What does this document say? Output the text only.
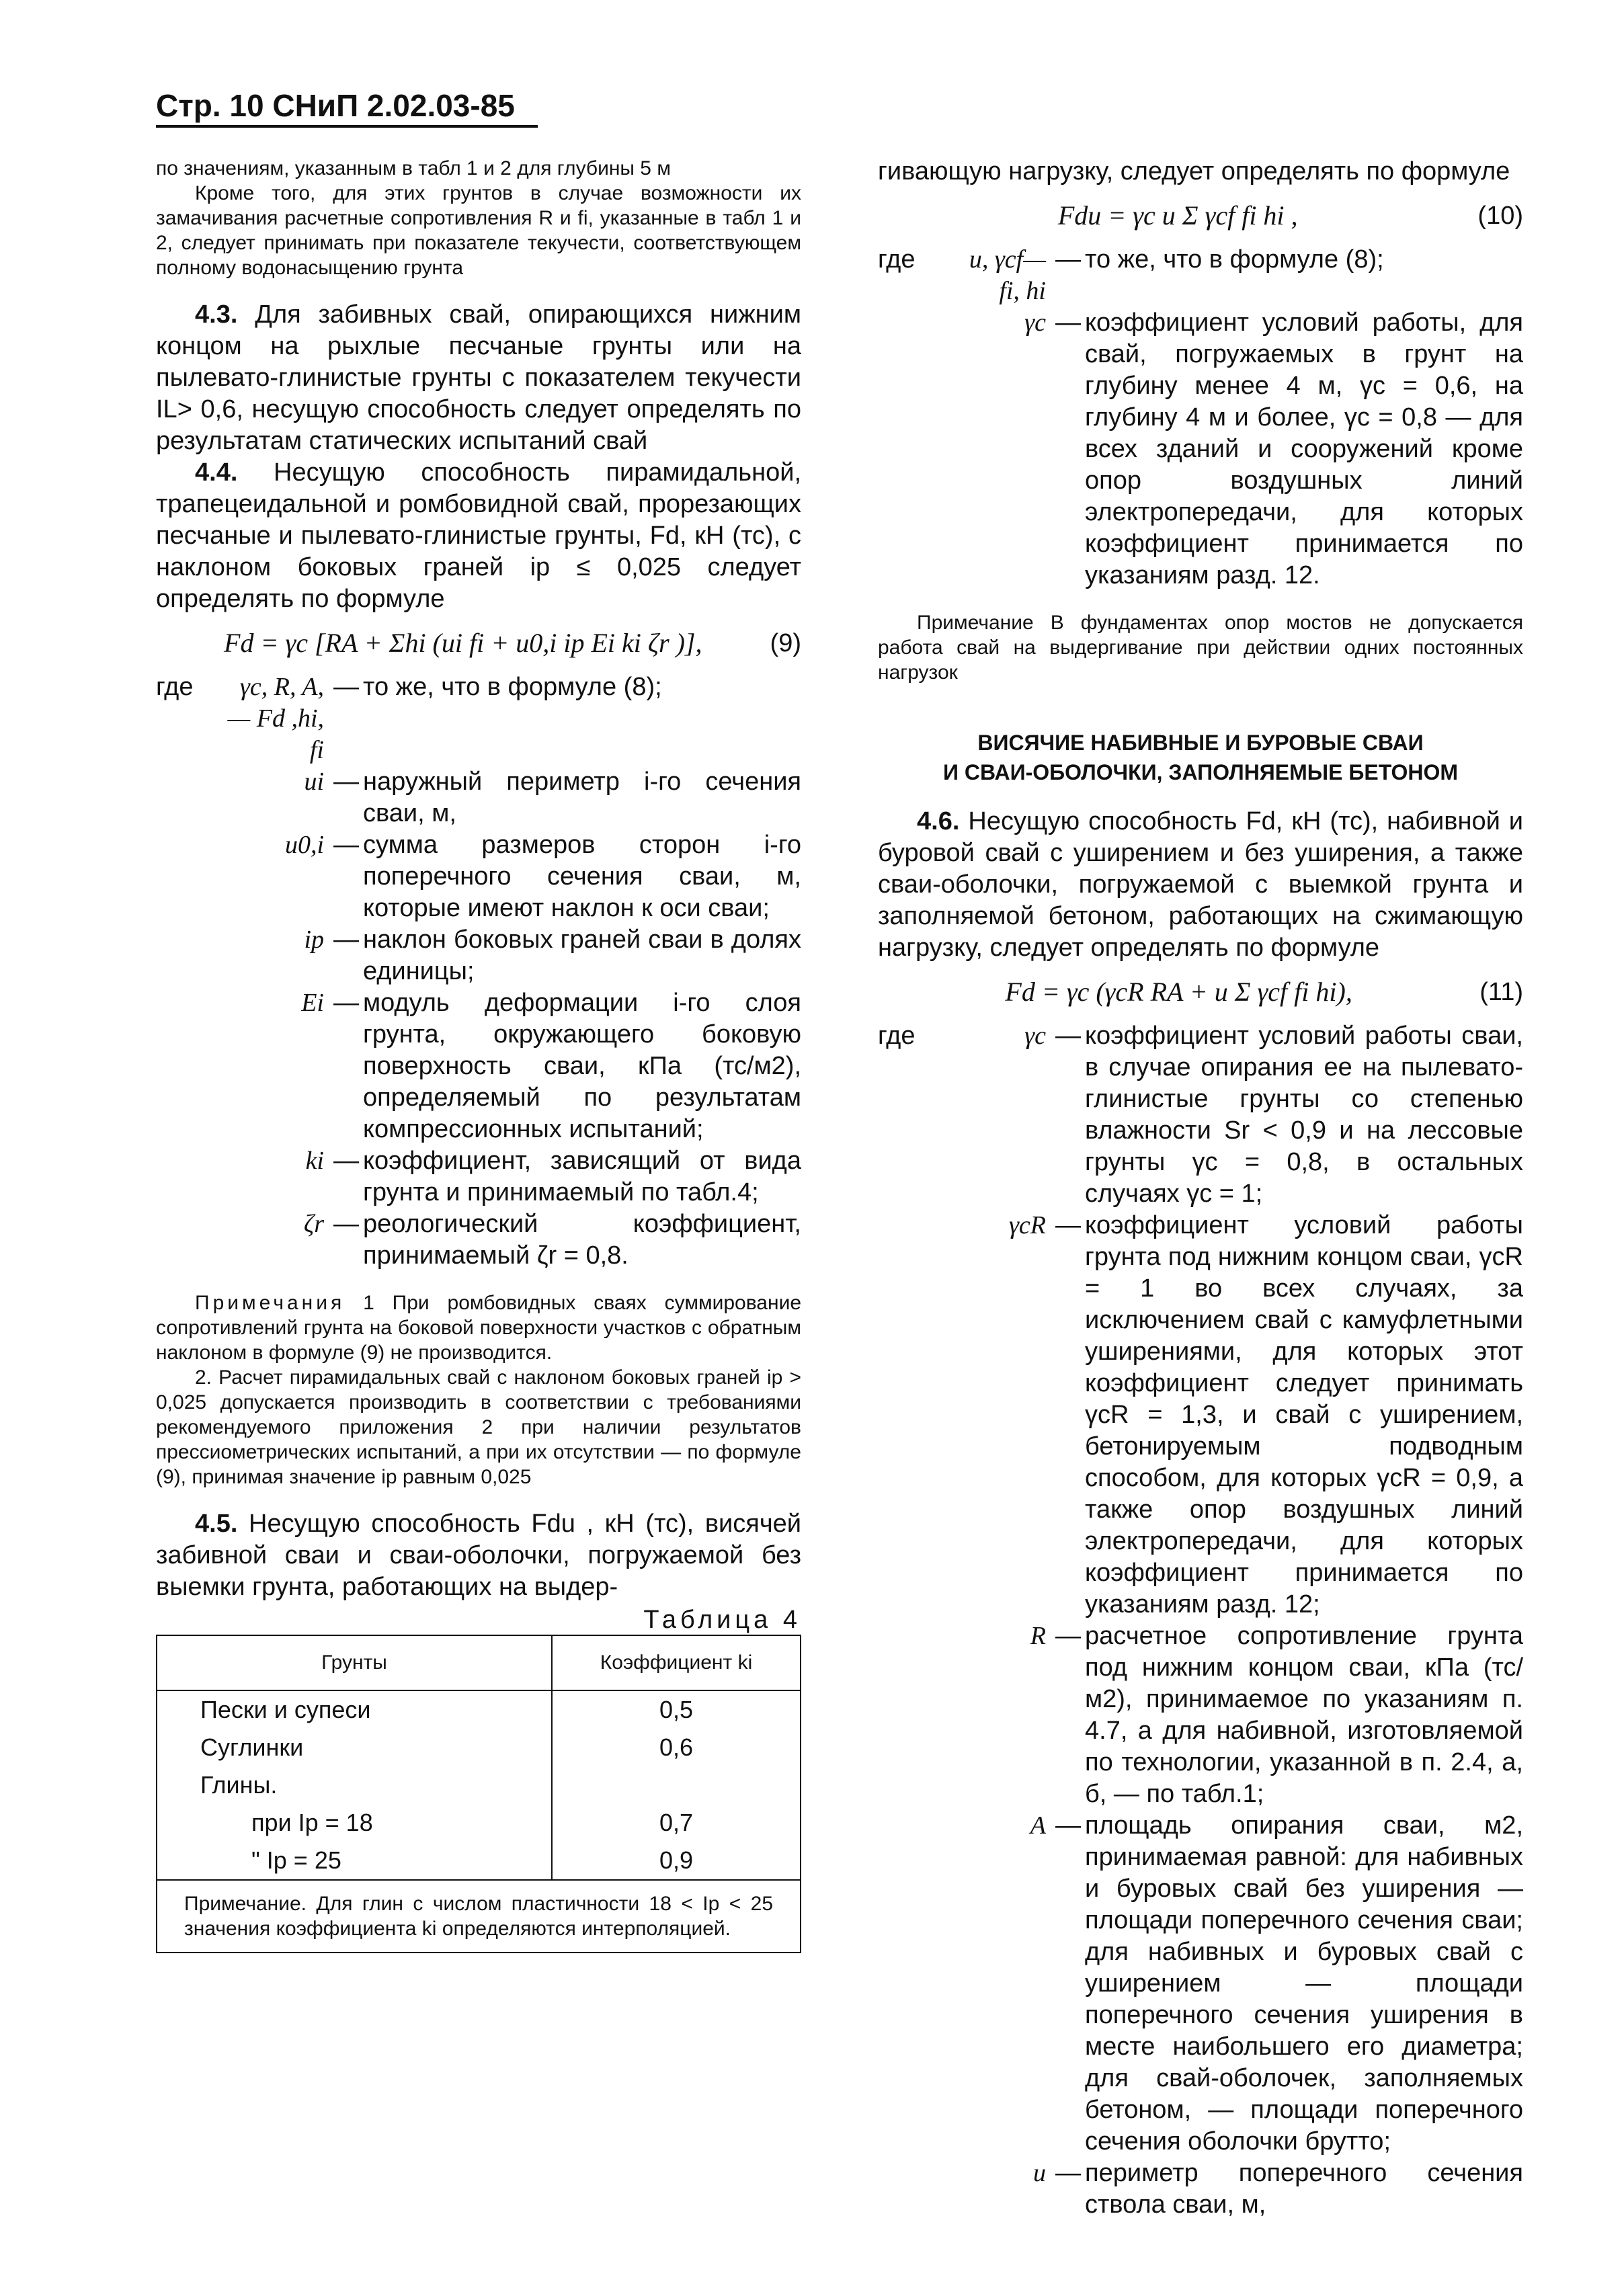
Стр. 10 СНиП 2.02.03-85
по значениям, указанным в табл 1 и 2 для глубины 5 м
Кроме того, для этих грунтов в случае возможности их замачивания расчетные сопротивления R и fi, указанные в табл 1 и 2, следует принимать при показателе текучести, соответствующем полному водонасыщению грунта
4.3. Для забивных свай, опирающихся нижним концом на рыхлые песчаные грунты или на пылевато-глинистые грунты с показателем текучести IL> 0,6, несущую способность следует определять по результатам статических испытаний свай
4.4. Несущую способность пирамидальной, трапецеидальной и ромбовидной свай, прорезающих песчаные и пылевато-глинистые грунты, Fd, кН (тс), с наклоном боковых граней ip ≤ 0,025 следует определять по формуле
Fd = γc [RA + Σhi (ui fi + u0,i ip Ei ki ζr )],	(9)
где	γc, R, A, — Fd ,hi, fi
— то же, что в формуле (8);
ui — наружный периметр i-го сечения сваи, м,
u0,i — сумма размеров сторон i-го поперечного сечения сваи, м, которые имеют наклон к оси сваи;
ip — наклон боковых граней сваи в долях единицы;
Ei — модуль деформации i-го слоя грунта, окружающего боковую поверхность сваи, кПа (тс/м2), определяемый по результатам компрессионных испытаний;
ki — коэффициент, зависящий от вида грунта и принимаемый по табл.4;
ζr — реологический коэффициент, принимаемый ζr = 0,8.
Примечания 1 При ромбовидных сваях суммирование сопротивлений грунта на боковой поверхности участков с обратным наклоном в формуле (9) не производится.
2. Расчет пирамидальных свай с наклоном боковых граней ip > 0,025 допускается производить в соответствии с требованиями рекомендуемого приложения 2 при наличии результатов прессиометрических испытаний, а при их отсутствии — по формуле (9), принимая значение ip равным 0,025
4.5. Несущую способность Fdu , кН (тс), висячей забивной сваи и сваи-оболочки, погружаемой без выемки грунта, работающих на выдер-
Таблица 4
Грунты	Коэффициент ki
Пески и супеси	0,5
Суглинки	0,6
Глины.	
при Ip = 18	0,7
" Ip = 25	0,9
Примечание. Для глин с числом пластичности 18 < Ip < 25 значения коэффициента ki определяются интерполяцией.	
гивающую нагрузку, следует определять по формуле
Fdu = γc u Σ γcf fi hi ,	(10)
где	u, γcf— fi, hi
— то же, что в формуле (8);
γc — коэффициент условий работы, для свай, погружаемых в грунт на глубину менее 4 м, γc = 0,6, на глубину 4 м и более, γc = 0,8 — для всех зданий и сооружений кроме опор воздушных линий электропередачи, для которых коэффициент принимается по указаниям разд. 12.
Примечание В фундаментах опор мостов не допускается работа свай на выдергивание при действии одних постоянных нагрузок
ВИСЯЧИЕ НАБИВНЫЕ И БУРОВЫЕ СВАИ
И СВАИ-ОБОЛОЧКИ, ЗАПОЛНЯЕМЫЕ БЕТОНОМ
4.6. Несущую способность Fd, кН (тс), набивной и буровой свай с уширением и без уширения, а также сваи-оболочки, погружаемой с выемкой грунта и заполняемой бетоном, работающих на сжимающую нагрузку, следует определять по формуле
Fd = γc (γcR RA + u Σ γcf fi hi),	(11)
где	γc — коэффициент условий работы сваи, в случае опирания ее на пылевато-глинистые грунты со степенью влажности Sr < 0,9 и на лессовые грунты γc = 0,8, в остальных случаях γc = 1;
γcR — коэффициент условий работы грунта под нижним концом сваи, γcR = 1 во всех случаях, за исключением свай с камуфлетными уширениями, для которых этот коэффициент следует принимать γcR = 1,3, и свай с уширением, бетонируемым подводным способом, для которых γcR = 0,9, а также опор воздушных линий электропередачи, для которых коэффициент принимается по указаниям разд. 12;
R — расчетное сопротивление грунта под нижним концом сваи, кПа (тс/м2), принимаемое по указаниям п. 4.7, а для набивной, изготовляемой по технологии, указанной в п. 2.4, а, б, — по табл.1;
A — площадь опирания сваи, м2, принимаемая равной: для набивных и буровых свай без уширения — площади поперечного сечения сваи; для набивных и буровых свай с уширением — площади поперечного сечения уширения в месте наибольшего его диаметра; для свай-оболочек, заполняемых бетоном, — площади поперечного сечения оболочки брутто;
u — периметр поперечного сечения ствола сваи, м,
